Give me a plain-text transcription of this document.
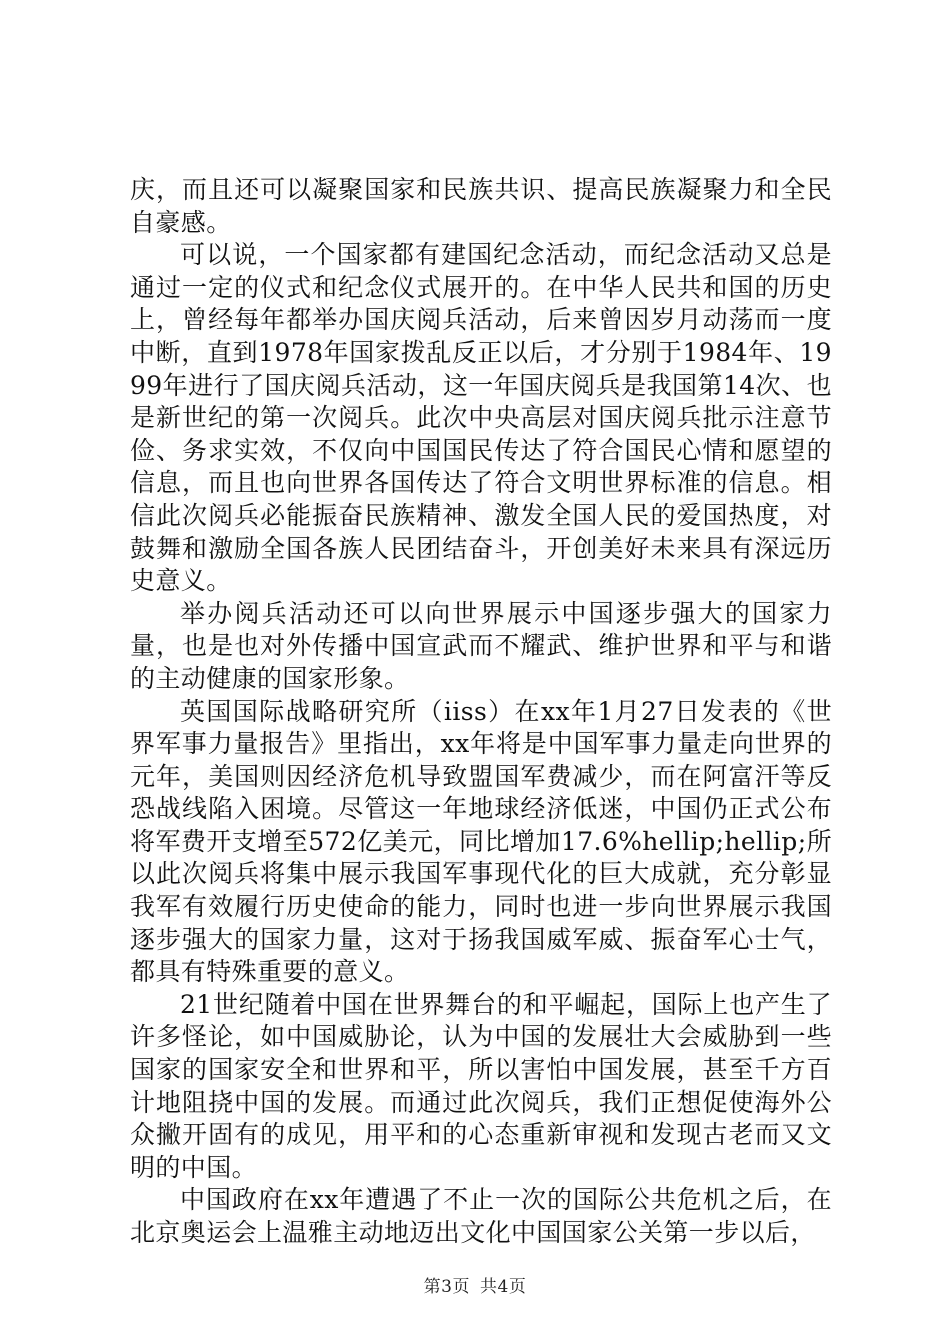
庆，而且还可以凝聚国家和民族共识、提高民族凝聚力和全民自豪感。

可以说，一个国家都有建国纪念活动，而纪念活动又总是通过一定的仪式和纪念仪式展开的。在中华人民共和国的历史上，曾经每年都举办国庆阅兵活动，后来曾因岁月动荡而一度中断，直到1978年国家拨乱反正以后，才分别于1984年、1999年进行了国庆阅兵活动，这一年国庆阅兵是我国第14次、也是新世纪的第一次阅兵。此次中央高层对国庆阅兵批示注意节俭、务求实效，不仅向中国国民传达了符合国民心情和愿望的信息，而且也向世界各国传达了符合文明世界标准的信息。相信此次阅兵必能振奋民族精神、激发全国人民的爱国热度，对鼓舞和激励全国各族人民团结奋斗，开创美好未来具有深远历史意义。

举办阅兵活动还可以向世界展示中国逐步强大的国家力量，也是也对外传播中国宣武而不耀武、维护世界和平与和谐的主动健康的国家形象。

英国国际战略研究所（iiss）在xx年1月27日发表的《世界军事力量报告》里指出，xx年将是中国军事力量走向世界的元年，美国则因经济危机导致盟国军费减少，而在阿富汗等反恐战线陷入困境。尽管这一年地球经济低迷，中国仍正式公布将军费开支增至572亿美元，同比增加17.6%hellip;hellip;所以此次阅兵将集中展示我国军事现代化的巨大成就，充分彰显我军有效履行历史使命的能力，同时也进一步向世界展示我国逐步强大的国家力量，这对于扬我国威军威、振奋军心士气，都具有特殊重要的意义。

21世纪随着中国在世界舞台的和平崛起，国际上也产生了许多怪论，如中国威胁论，认为中国的发展壮大会威胁到一些国家的国家安全和世界和平，所以害怕中国发展，甚至千方百计地阻挠中国的发展。而通过此次阅兵，我们正想促使海外公众撇开固有的成见，用平和的心态重新审视和发现古老而又文明的中国。

中国政府在xx年遭遇了不止一次的国际公共危机之后，在北京奥运会上温雅主动地迈出文化中国国家公关第一步以后，

第3页 共4页
